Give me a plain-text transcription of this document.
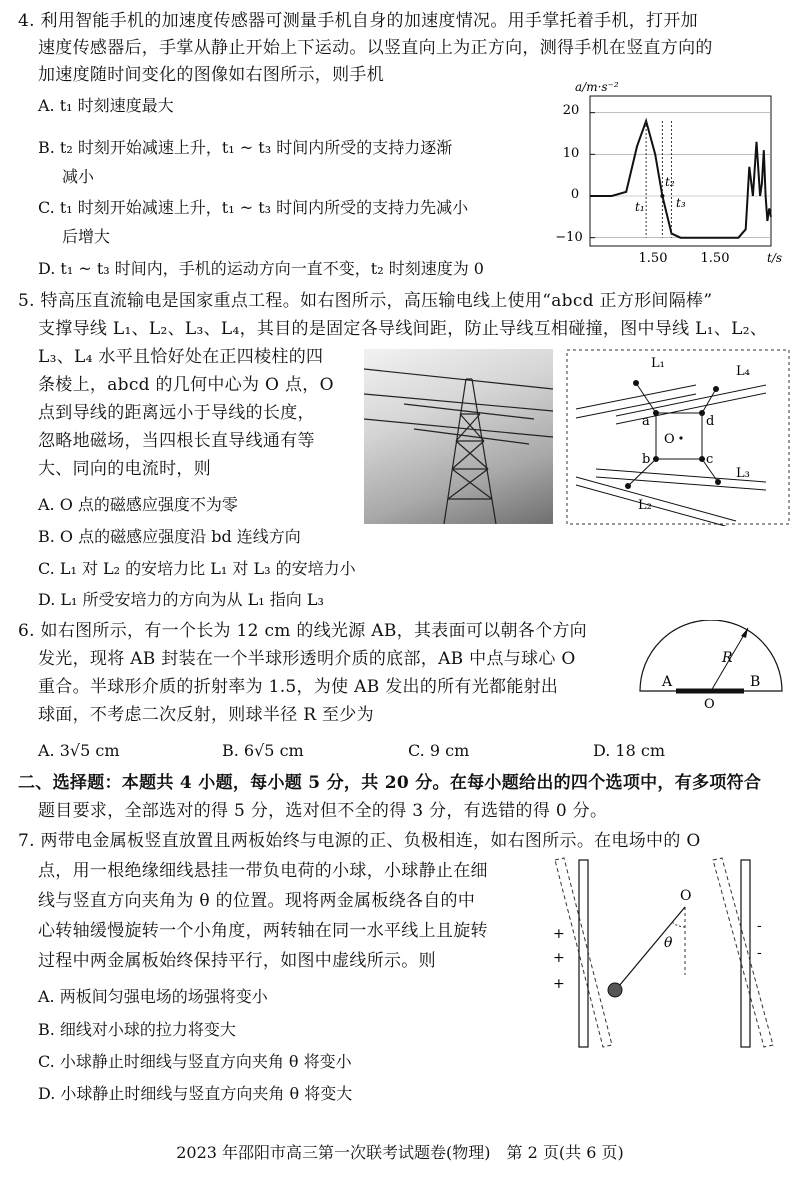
4. 利用智能手机的加速度传感器可测量手机自身的加速度情况。用手掌托着手机，打开加
速度传感器后，手掌从静止开始上下运动。以竖直向上为正方向，测得手机在竖直方向的
加速度随时间变化的图像如右图所示，则手机
A. t₁ 时刻速度最大
B. t₂ 时刻开始减速上升，t₁ ~ t₃ 时间内所受的支持力逐渐
减小
C. t₁ 时刻开始减速上升，t₁ ~ t₃ 时间内所受的支持力先减小
后增大
D. t₁ ~ t₃ 时间内，手机的运动方向一直不变，t₂ 时刻速度为 0
a/m·s⁻²
t/s
20
10
0
−10
1.50	1.50
t₁
t₂
t₃
5. 特高压直流输电是国家重点工程。如右图所示，高压输电线上使用“abcd 正方形间隔棒”
支撑导线 L₁、L₂、L₃、L₄，其目的是固定各导线间距，防止导线互相碰撞，图中导线 L₁、L₂、
L₃、L₄ 水平且恰好处在正四棱柱的四
条棱上，abcd 的几何中心为 O 点，O
点到导线的距离远小于导线的长度，
忽略地磁场，当四根长直导线通有等
大、同向的电流时，则
A. O 点的磁感应强度不为零
B. O 点的磁感应强度沿 bd 连线方向
C. L₁ 对 L₂ 的安培力比 L₁ 对 L₃ 的安培力小
D. L₁ 所受安培力的方向为从 L₁ 指向 L₃
L₁
L₄
L₃
L₂
a	d
b	c
O
6. 如右图所示，有一个长为 12 cm 的线光源 AB，其表面可以朝各个方向
发光，现将 AB 封装在一个半球形透明介质的底部，AB 中点与球心 O
重合。半球形介质的折射率为 1.5，为使 AB 发出的所有光都能射出
球面，不考虑二次反射，则球半径 R 至少为
A. 3√5 cm	B. 6√5 cm	C. 9 cm	D. 18 cm
A	B
O
R
二、选择题：本题共 4 小题，每小题 5 分，共 20 分。在每小题给出的四个选项中，有多项符合
题目要求，全部选对的得 5 分，选对但不全的得 3 分，有选错的得 0 分。
7. 两带电金属板竖直放置且两板始终与电源的正、负极相连，如右图所示。在电场中的 O
点，用一根绝缘细线悬挂一带负电荷的小球，小球静止在细
线与竖直方向夹角为 θ 的位置。现将两金属板绕各自的中
心转轴缓慢旋转一个小角度，两转轴在同一水平线上且旋转
过程中两金属板始终保持平行，如图中虚线所示。则
A. 两板间匀强电场的场强将变小
B. 细线对小球的拉力将变大
C. 小球静止时细线与竖直方向夹角 θ 将变小
D. 小球静止时细线与竖直方向夹角 θ 将变大
O
θ
+
+
+
-
-
2023 年邵阳市高三第一次联考试题卷(物理)　第 2 页(共 6 页)
